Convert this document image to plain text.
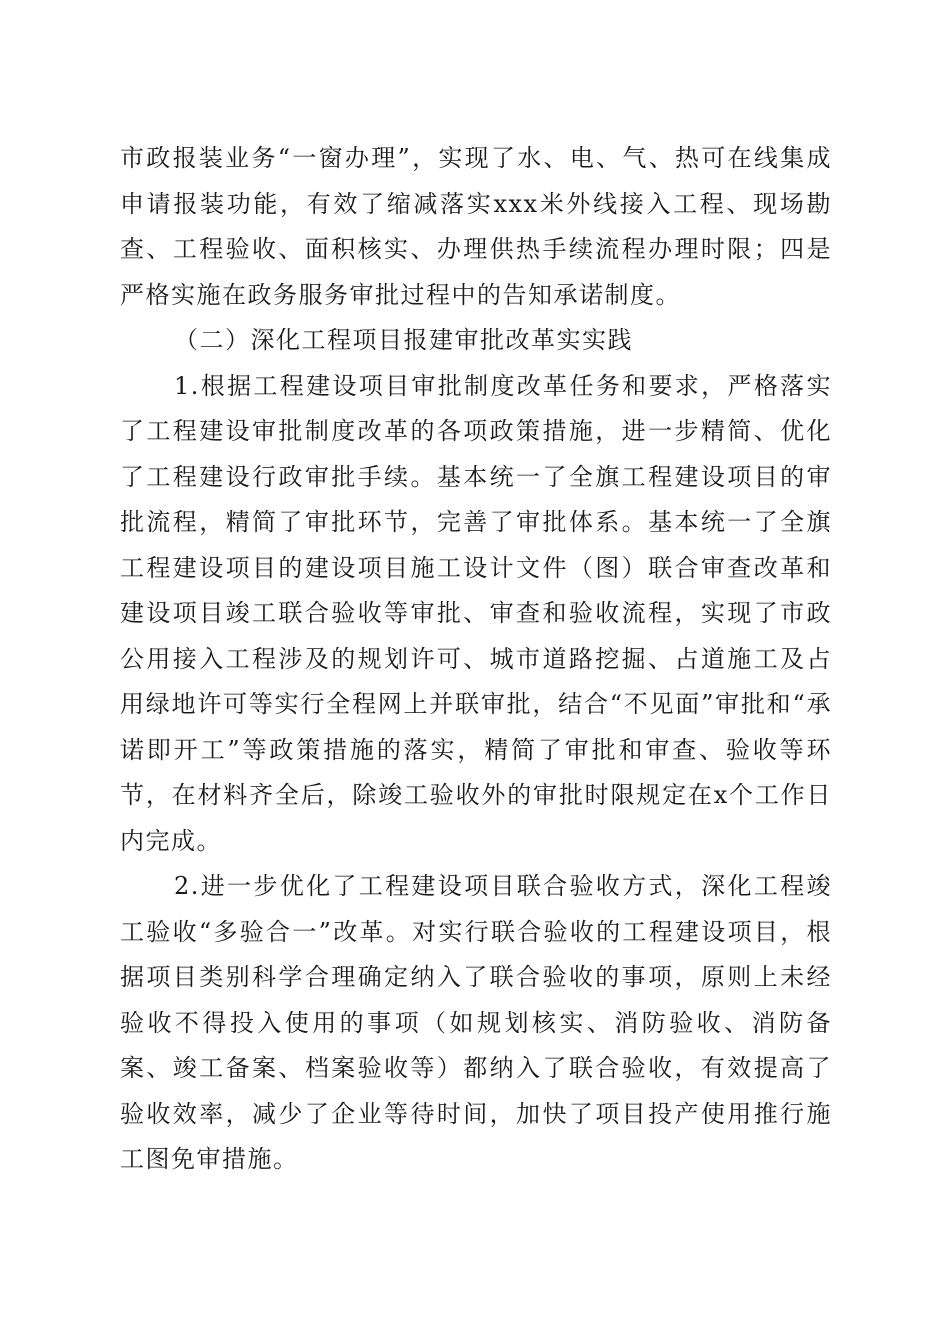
市政报装业务“一窗办理”，实现了水、电、气、热可在线集成申请报装功能，有效了缩减落实xxx米外线接入工程、现场勘查、工程验收、面积核实、办理供热手续流程办理时限；四是严格实施在政务服务审批过程中的告知承诺制度。

（二）深化工程项目报建审批改革实实践

1.根据工程建设项目审批制度改革任务和要求，严格落实了工程建设审批制度改革的各项政策措施，进一步精简、优化了工程建设行政审批手续。基本统一了全旗工程建设项目的审批流程，精简了审批环节，完善了审批体系。基本统一了全旗工程建设项目的建设项目施工设计文件（图）联合审查改革和建设项目竣工联合验收等审批、审查和验收流程，实现了市政公用接入工程涉及的规划许可、城市道路挖掘、占道施工及占用绿地许可等实行全程网上并联审批，结合“不见面”审批和“承诺即开工”等政策措施的落实，精简了审批和审查、验收等环节，在材料齐全后，除竣工验收外的审批时限规定在x个工作日内完成。

2.进一步优化了工程建设项目联合验收方式，深化工程竣工验收“多验合一”改革。对实行联合验收的工程建设项目，根据项目类别科学合理确定纳入了联合验收的事项，原则上未经验收不得投入使用的事项（如规划核实、消防验收、消防备案、竣工备案、档案验收等）都纳入了联合验收，有效提高了验收效率，减少了企业等待时间，加快了项目投产使用推行施工图免审措施。
